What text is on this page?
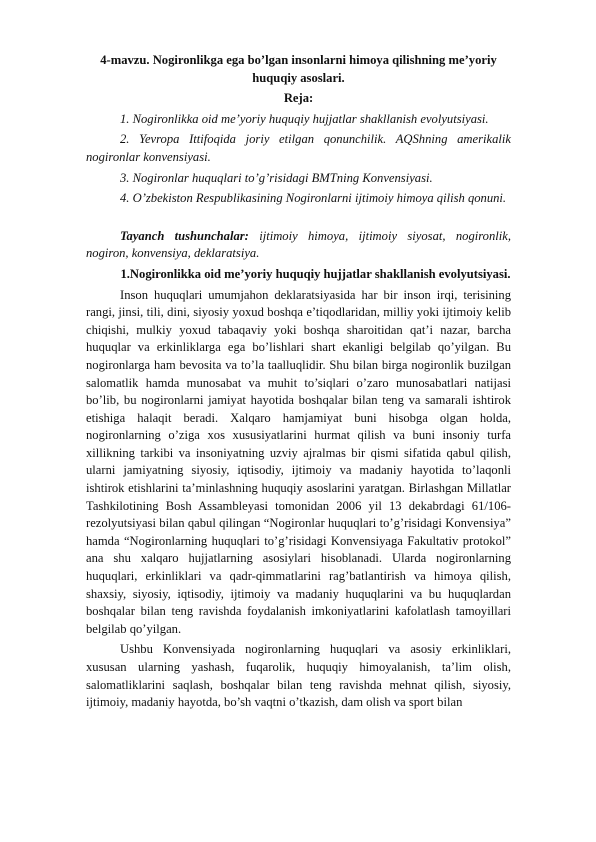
4-mavzu. Nogironlikga ega bo’lgan insonlarni himoya qilishning me’yoriy huquqiy asoslari.

Reja:

1. Nogironlikka oid me’yoriy huquqiy hujjatlar shakllanish evolyutsiyasi.

2. Yevropa Ittifoqida joriy etilgan qonunchilik. AQShning amerikalik nogironlar konvensiyasi.

3. Nogironlar huquqlari to’g’risidagi BMTning Konvensiyasi.

4. O’zbekiston Respublikasining Nogironlarni ijtimoiy himoya qilish qonuni.

Tayanch tushunchalar: ijtimoiy himoya, ijtimoiy siyosat, nogironlik, nogiron, konvensiya, deklaratsiya.

1.Nogironlikka oid me’yoriy huquqiy hujjatlar shakllanish evolyutsiyasi.

Inson huquqlari umumjahon deklaratsiyasida har bir inson irqi, terisining rangi, jinsi, tili, dini, siyosiy yoxud boshqa e’tiqodlaridan, milliy yoki ijtimoiy kelib chiqishi, mulkiy yoxud tabaqaviy yoki boshqa sharoitidan qat’i nazar, barcha huquqlar va erkinliklarga ega bo’lishlari shart ekanligi belgilab qo’yilgan. Bu nogironlarga ham bevosita va to’la taalluqlidir. Shu bilan birga nogironlik buzilgan salomatlik hamda munosabat va muhit to’siqlari o’zaro munosabatlari natijasi bo’lib, bu nogironlarni jamiyat hayotida boshqalar bilan teng va samarali ishtirok etishiga halaqit beradi. Xalqaro hamjamiyat buni hisobga olgan holda, nogironlarning o’ziga xos xususiyatlarini hurmat qilish va buni insoniy turfa xillikning tarkibi va insoniyatning uzviy ajralmas bir qismi sifatida qabul qilish, ularni jamiyatning siyosiy, iqtisodiy, ijtimoiy va madaniy hayotida to’laqonli ishtirok etishlarini ta’minlashning huquqiy asoslarini yaratgan. Birlashgan Millatlar Tashkilotining Bosh Assambleyasi tomonidan 2006 yil 13 dekabrdagi 61/106-rezolyutsiyasi bilan qabul qilingan “Nogironlar huquqlari to’g’risidagi Konvensiya” hamda “Nogironlarning huquqlari to’g’risidagi Konvensiyaga Fakultativ protokol” ana shu xalqaro hujjatlarning asosiylari hisoblanadi. Ularda nogironlarning huquqlari, erkinliklari va qadr-qimmatlarini rag’batlantirish va himoya qilish, shaxsiy, siyosiy, iqtisodiy, ijtimoiy va madaniy huquqlarini va bu huquqlardan boshqalar bilan teng ravishda foydalanish imkoniyatlarini kafolatlash tamoyillari belgilab qo’yilgan.

Ushbu Konvensiyada nogironlarning huquqlari va asosiy erkinliklari, xususan ularning yashash, fuqarolik, huquqiy himoyalanish, ta’lim olish, salomatliklarini saqlash, boshqalar bilan teng ravishda mehnat qilish, siyosiy, ijtimoiy, madaniy hayotda, bo’sh vaqtni o’tkazish, dam olish va sport bilan
